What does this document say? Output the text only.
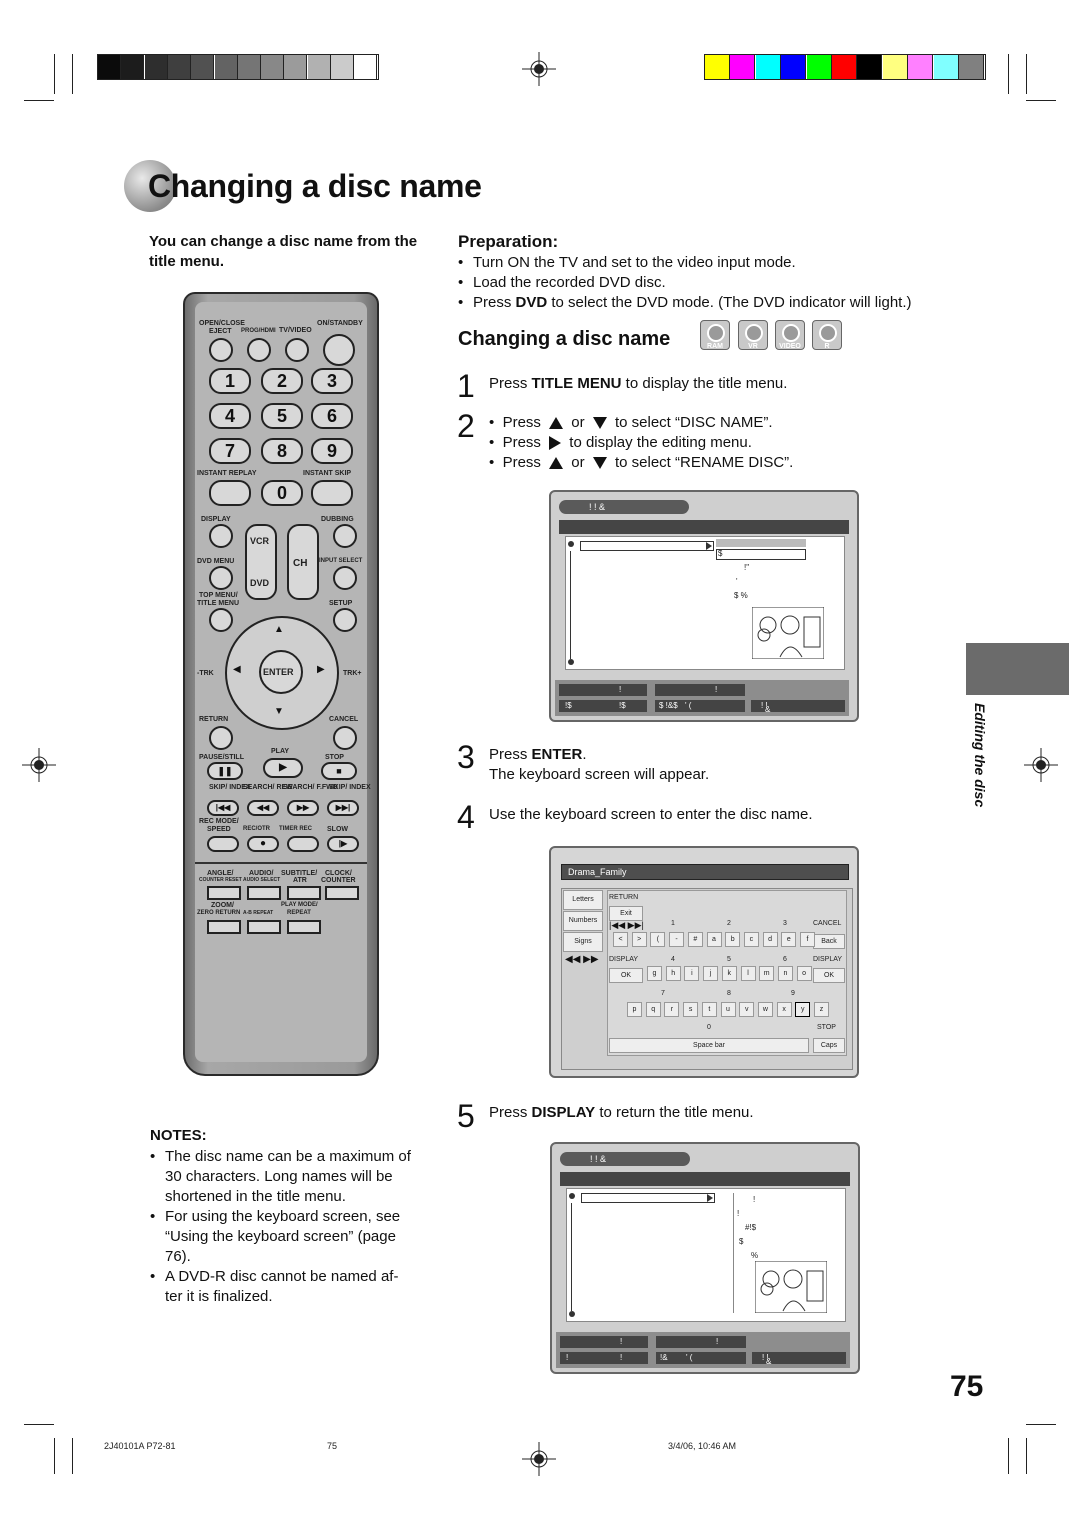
Changing a disc name
You can change a disc name from the title menu.
Preparation:
• Turn ON the TV and set to the video input mode.
• Load the recorded DVD disc.
• Press DVD to select the DVD mode. (The DVD indicator will light.)
Changing a disc name	RAM	VR	VIDEO	R
1 Press TITLE MENU to display the title menu.
2 •  Press  or  to select “DISC NAME”.
•  Press  to display the editing menu.
•  Press  or  to select “RENAME DISC”.
! ! &
$
!"
'
$ %
!	!
!$	!$	$ !&$ ' (	! !
&
3 Press ENTER.
The keyboard screen will appear.
4 Use the keyboard screen to enter the disc name.
Drama_Family
Letters
Numbers
Signs
◀◀ ▶▶
RETURN
Exit
|◀◀ ▶▶|	CANCEL
Back
DISPLAY
OK
DISPLAY
OK
STOP
Caps
Space bar
1	2	3
4	5	6
7	8	9
0
<	>	(	-	#	a	b	c	d	e	f
g	h	i	j	k	l	m	n	o
p	q	r	s	t	u	v	w	x	y	z
5 Press DISPLAY to return the title menu.
! ! &
!
!
#!$
$
%
!	!
!	!	!& ' (	! !
&
OPEN/CLOSE
EJECT PROG/HDMI TV/VIDEO
ON/STANDBY
1	2	3
4	5	6
7	8	9
INSTANT REPLAY	INSTANT SKIP
0
DISPLAY	DUBBING
VCR
DVD
CH
DVD MENU	INPUT SELECT
TOP MENU/
TITLE MENU	SETUP
ENTER
▲
▼
◀	▶
-TRK	TRK+
RETURN	CANCEL
PLAY
PAUSE/STILL	STOP
❚❚	▶	■
SKIP/ INDEX
SEARCH/ REW
SEARCH/ F.FWD
SKIP/ INDEX
|◀◀	◀◀	▶▶	▶▶|
REC MODE/
SPEED REC/OTR TIMER REC SLOW
●	|▶
ANGLE/
COUNTER RESET
AUDIO/
AUDIO SELECT
SUBTITLE/
ATR
CLOCK/
COUNTER
ZOOM/
ZERO RETURN A-B REPEAT
PLAY MODE/
REPEAT
NOTES:
• The disc name can be a maximum of 30 characters. Long names will be shortened in the title menu.
• For using the keyboard screen, see “Using the keyboard screen” (page 76).
• A DVD-R disc cannot be named af-ter it is finalized.
Editing the disc
75
2J40101A P72-81	75	3/4/06, 10:46 AM
